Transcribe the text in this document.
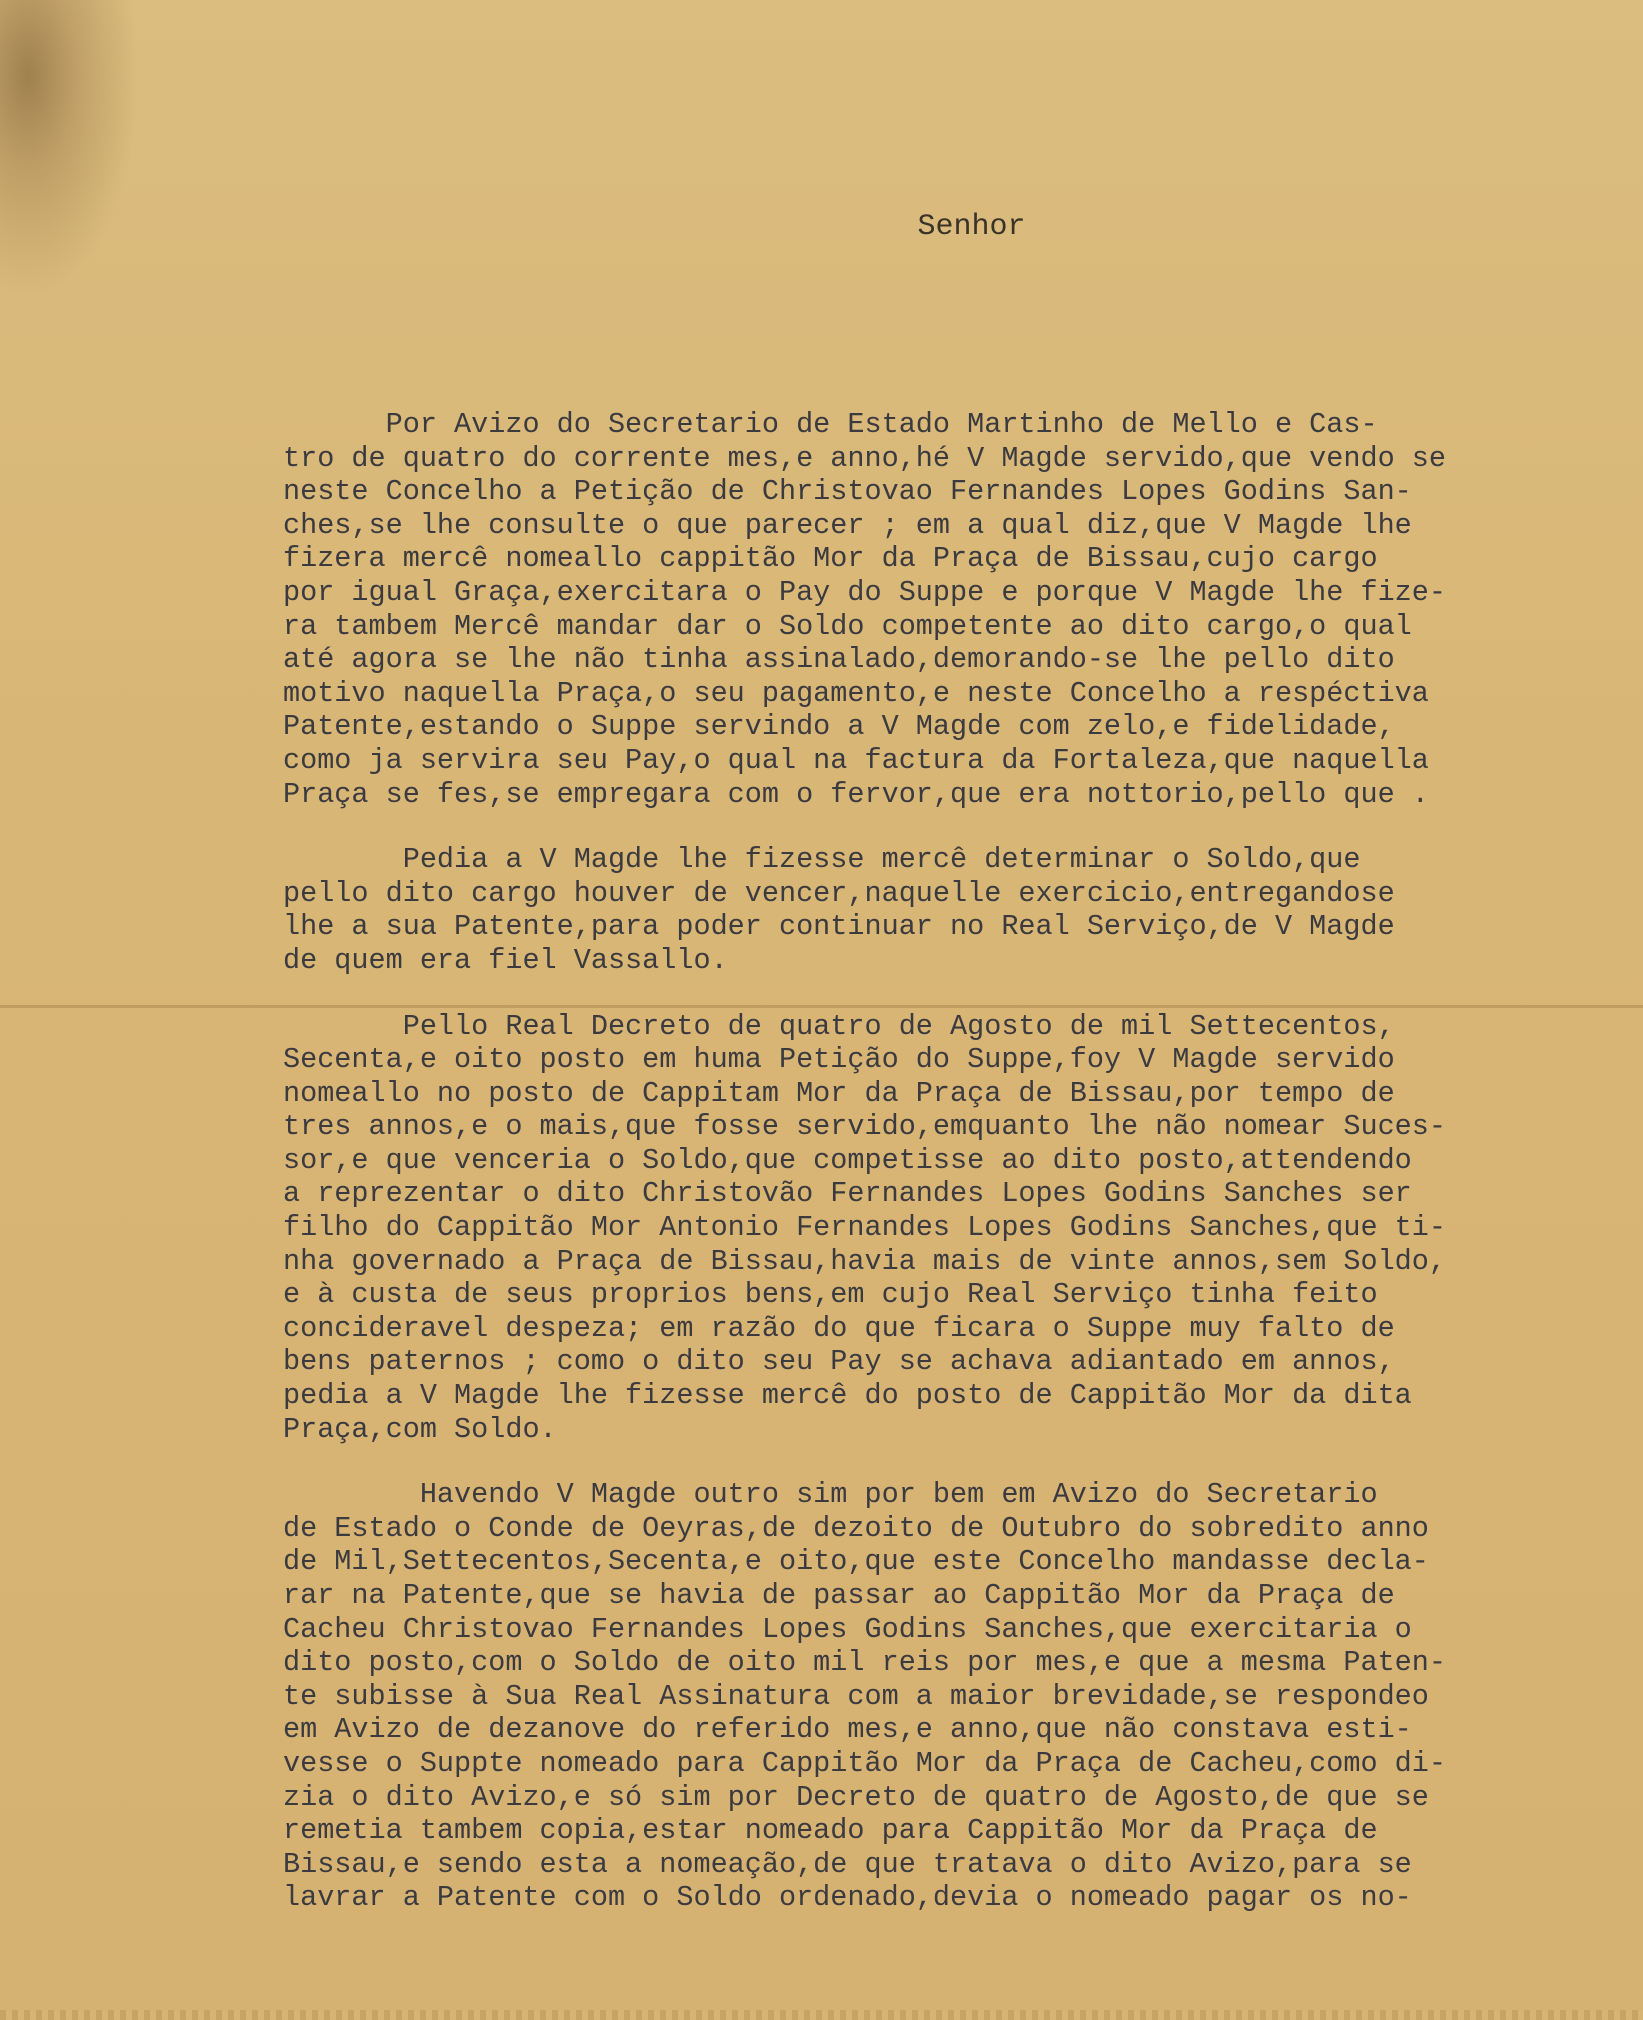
Senhor
Por Avizo do Secretario de Estado Martinho de Mello e Cas-
tro de quatro do corrente mes,e anno,hé V Magde servido,que vendo se
neste Concelho a Petição de Christovao Fernandes Lopes Godins San-
ches,se lhe consulte o que parecer ; em a qual diz,que V Magde lhe
fizera mercê nomeallo cappitão Mor da Praça de Bissau,cujo cargo
por igual Graça,exercitara o Pay do Suppe e porque V Magde lhe fize-
ra tambem Mercê mandar dar o Soldo competente ao dito cargo,o qual
até agora se lhe não tinha assinalado,demorando-se lhe pello dito
motivo naquella Praça,o seu pagamento,e neste Concelho a respéctiva
Patente,estando o Suppe servindo a V Magde com zelo,e fidelidade,
como ja servira seu Pay,o qual na factura da Fortaleza,que naquella
Praça se fes,se empregara com o fervor,que era nottorio,pello que .
Pedia a V Magde lhe fizesse mercê determinar o Soldo,que
pello dito cargo houver de vencer,naquelle exercicio,entregandose
lhe a sua Patente,para poder continuar no Real Serviço,de V Magde
de quem era fiel Vassallo.
Pello Real Decreto de quatro de Agosto de mil Settecentos,
Secenta,e oito posto em huma Petição do Suppe,foy V Magde servido
nomeallo no posto de Cappitam Mor da Praça de Bissau,por tempo de
tres annos,e o mais,que fosse servido,emquanto lhe não nomear Suces-
sor,e que venceria o Soldo,que competisse ao dito posto,attendendo
a reprezentar o dito Christovão Fernandes Lopes Godins Sanches ser
filho do Cappitão Mor Antonio Fernandes Lopes Godins Sanches,que ti-
nha governado a Praça de Bissau,havia mais de vinte annos,sem Soldo,
e à custa de seus proprios bens,em cujo Real Serviço tinha feito
concideravel despeza; em razão do que ficara o Suppe muy falto de
bens paternos ; como o dito seu Pay se achava adiantado em annos,
pedia a V Magde lhe fizesse mercê do posto de Cappitão Mor da dita
Praça,com Soldo.
Havendo V Magde outro sim por bem em Avizo do Secretario
de Estado o Conde de Oeyras,de dezoito de Outubro do sobredito anno
de Mil,Settecentos,Secenta,e oito,que este Concelho mandasse decla-
rar na Patente,que se havia de passar ao Cappitão Mor da Praça de
Cacheu Christovao Fernandes Lopes Godins Sanches,que exercitaria o
dito posto,com o Soldo de oito mil reis por mes,e que a mesma Paten-
te subisse à Sua Real Assinatura com a maior brevidade,se respondeo
em Avizo de dezanove do referido mes,e anno,que não constava esti-
vesse o Suppte nomeado para Cappitão Mor da Praça de Cacheu,como di-
zia o dito Avizo,e só sim por Decreto de quatro de Agosto,de que se
remetia tambem copia,estar nomeado para Cappitão Mor da Praça de
Bissau,e sendo esta a nomeação,de que tratava o dito Avizo,para se
lavrar a Patente com o Soldo ordenado,devia o nomeado pagar os no-
